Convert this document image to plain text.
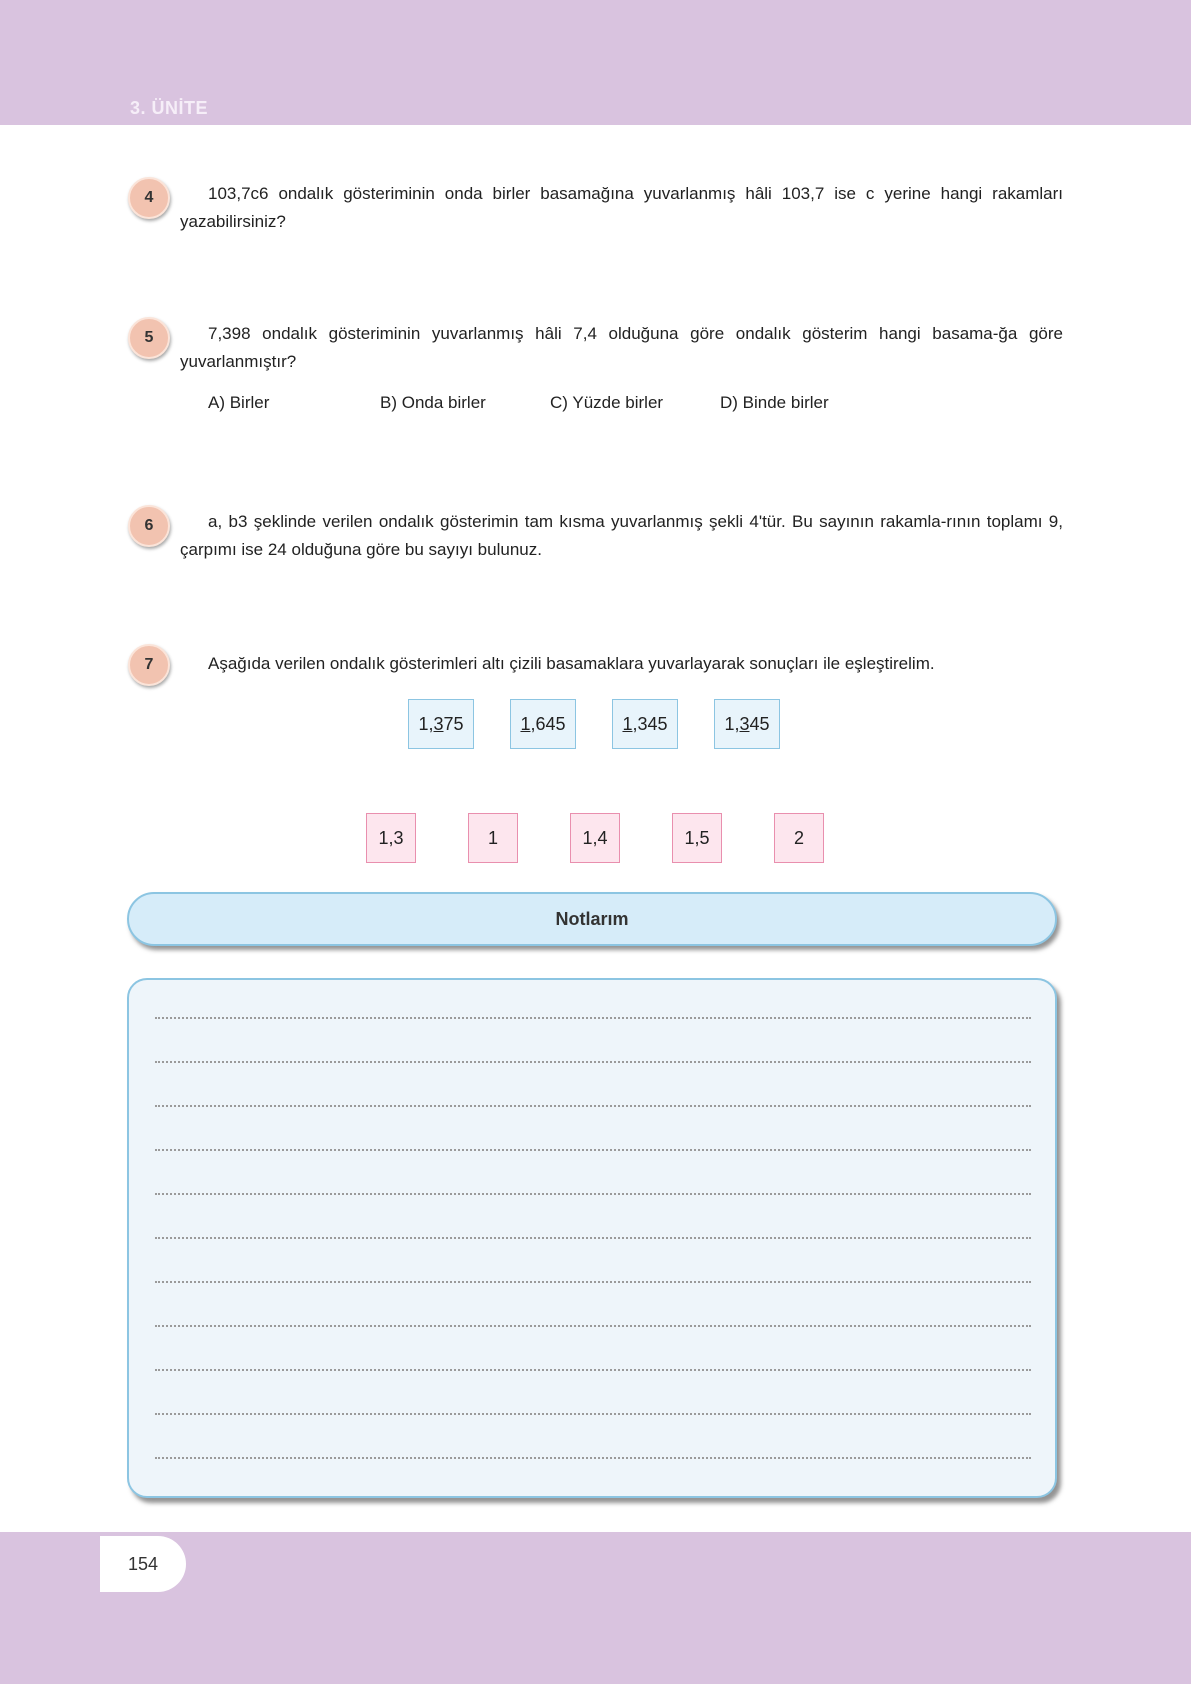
3. ÜNİTE
4	103,7c6 ondalık gösteriminin onda birler basamağına yuvarlanmış hâli 103,7 ise c yerine hangi rakamları yazabilirsiniz?
5	7,398 ondalık gösteriminin yuvarlanmış hâli 7,4 olduğuna göre ondalık gösterim hangi basama-ğa göre yuvarlanmıştır?
A) Birler	B) Onda birler	C) Yüzde birler	D) Binde birler
6	a, b3 şeklinde verilen ondalık gösterimin tam kısma yuvarlanmış şekli 4'tür. Bu sayının rakamla-rının toplamı 9, çarpımı ise 24 olduğuna göre bu sayıyı bulunuz.
7	Aşağıda verilen ondalık gösterimleri altı çizili basamaklara yuvarlayarak sonuçları ile eşleştirelim.
1, 3 75	1 ,645	1 ,345	1, 3 45
1,3	1	1,4	1,5	2
Notlarım
154
